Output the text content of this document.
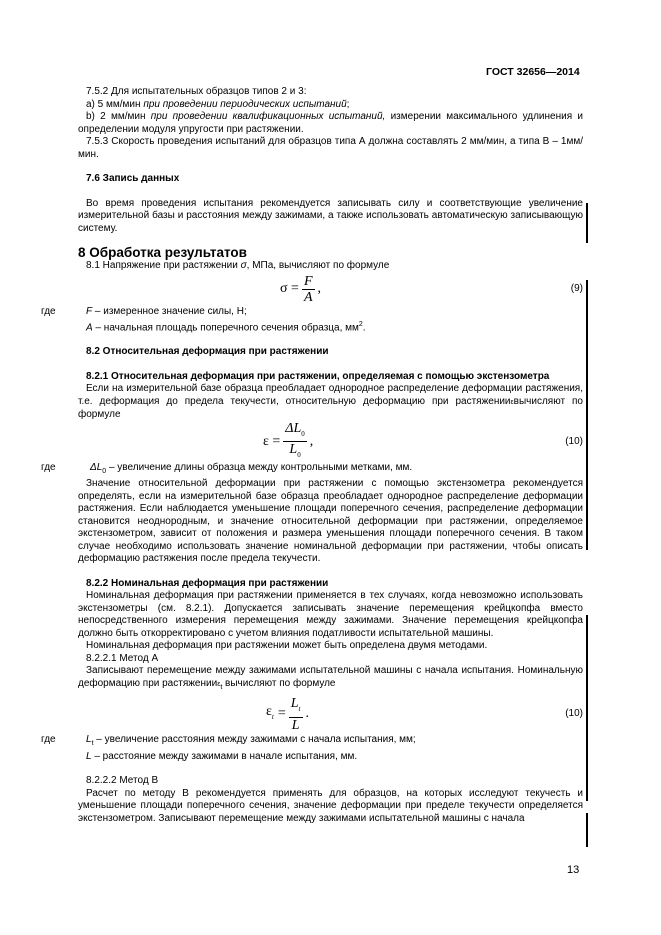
ГОСТ 32656—2014

7.5.2 Для испытательных образцов типов 2 и 3:

а) 5 мм/мин при проведении периодических испытаний;

b) 2 мм/мин при проведении квалификационных испытаний, измерении максимального удлинения и определении модуля упругости при растяжении.

7.5.3 Скорость проведения испытаний для образцов типа А должна составлять 2 мм/мин, а типа В – 1мм/мин.

7.6 Запись данных

Во время проведения испытания рекомендуется записывать силу и соответствующие увеличение измерительной базы и расстояния между зажимами, а также использовать автоматическую записывающую систему.

8 Обработка результатов

8.1 Напряжение при растяжении σ, МПа, вычисляют по формуле

$\sigma = \frac{F}{A}$ ,	(9)
где	F – измеренное значение силы, Н;

A – начальная площадь поперечного сечения образца, $мм^2$.

8.2 Относительная деформация при растяжении

8.2.1 Относительная деформация при растяжении, определяемая с помощью экстензометра

Если на измерительной базе образца преобладает однородное распределение деформации растяжения, т.е. деформация до предела текучести, относительную деформацию при растяженииεвычисляют по формуле

$\varepsilon = \frac{\Delta L_0}{L_0}$ ,	(10)
где	$\Delta L_0$ – увеличение длины образца между контрольными метками, мм.

Значение относительной деформации при растяжении с помощью экстензометра рекомендуется определять, если на измерительной базе образца преобладает однородное распределение деформации растяжения. Если наблюдается уменьшение площади поперечного сечения, распределение деформации становится неоднородным, и значение относительной деформации при растяжении, определяемое экстензометром, зависит от положения и размера уменьшения площади поперечного сечения. В таком случае необходимо использовать значение номинальной деформации при растяжении, чтобы описать деформацию растяжения после предела текучести.

8.2.2 Номинальная деформация при растяжении

Номинальная деформация при растяжении применяется в тех случаях, когда невозможно использовать экстензометры (см. 8.2.1). Допускается записывать значение перемещения крейцкопфа вместо непосредственного измерения перемещения между зажимами. Значение перемещения крейцкопфа должно быть откорректировано с учетом влияния податливости испытательной машины.

Номинальная деформация при растяжении может быть определена двумя методами.

8.2.2.1 Метод А

Записывают перемещение между зажимами испытательной машины с начала испытания. Номинальную деформацию при растяженииε$_t$ вычисляют по формуле

$\varepsilon_t = \frac{L_t}{L}$ .	(10)
где	$L_t$ – увеличение расстояния между зажимами с начала испытания, мм;

L – расстояние между зажимами в начале испытания, мм.

8.2.2.2 Метод В

Расчет по методу В рекомендуется применять для образцов, на которых исследуют текучесть и уменьшение площади поперечного сечения, значение деформации при пределе текучести определяется экстензометром. Записывают перемещение между зажимами испытательной машины с начала

13
